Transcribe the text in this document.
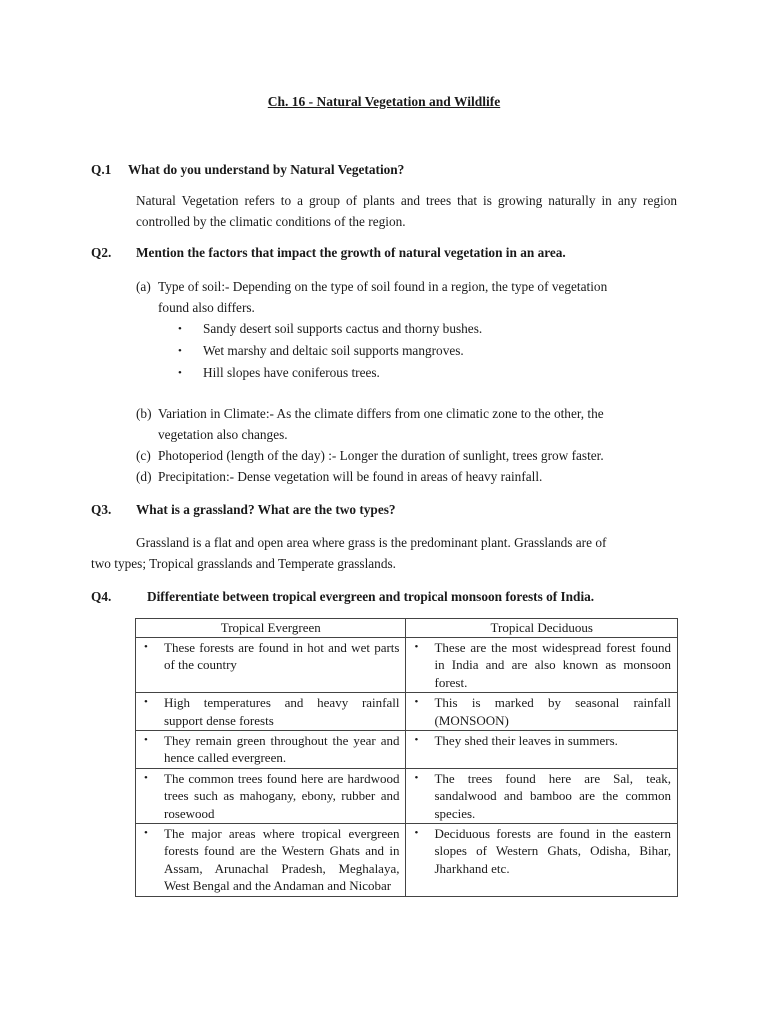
Ch. 16 - Natural Vegetation and Wildlife
Q.1 What do you understand by Natural Vegetation?
Natural Vegetation refers to a group of plants and trees that is growing naturally in any region controlled by the climatic conditions of the region.
Q2. Mention the factors that impact the growth of natural vegetation in an area.
(a) Type of soil:- Depending on the type of soil found in a region, the type of vegetation
found also differs.
• Sandy desert soil supports cactus and thorny bushes.
• Wet marshy and deltaic soil supports mangroves.
• Hill slopes have coniferous trees.
(b) Variation in Climate:- As the climate differs from one climatic zone to the other, the
vegetation also changes.
(c) Photoperiod (length of the day) :- Longer the duration of sunlight, trees grow faster.
(d) Precipitation:- Dense vegetation will be found in areas of heavy rainfall.
Q3. What is a grassland? What are the two types?
Grassland is a flat and open area where grass is the predominant plant. Grasslands are of
two types; Tropical grasslands and Temperate grasslands.
Q4.	Differentiate between tropical evergreen and tropical monsoon forests of India.
Tropical Evergreen	Tropical Deciduous

• These forests are found in hot and wet parts of the country	• These are the most widespread forest found in India and are also known as monsoon forest.

• High temperatures and heavy rainfall support dense forests	• This is marked by seasonal rainfall (MONSOON)

• They remain green throughout the year and hence called evergreen.	• They shed their leaves in summers.

• The common trees found here are hardwood trees such as mahogany, ebony, rubber and rosewood	• The trees found here are Sal, teak, sandalwood and bamboo are the common species.

• The major areas where tropical evergreen forests found are the Western Ghats and in Assam, Arunachal Pradesh, Meghalaya, West Bengal and the Andaman and Nicobar	• Deciduous forests are found in the eastern slopes of Western Ghats, Odisha, Bihar, Jharkhand etc.
